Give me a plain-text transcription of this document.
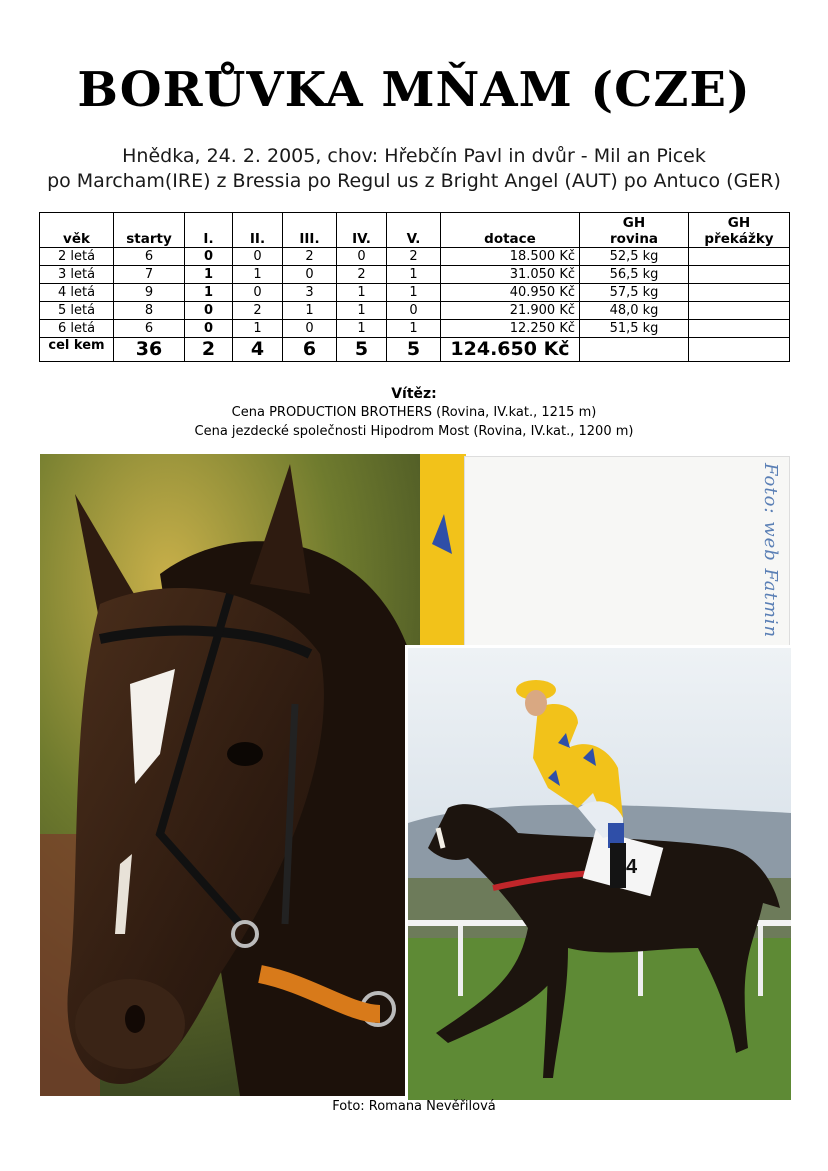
BORŮVKA MŇAM (CZE)
Hnědka, 24. 2. 2005, chov: Hřebčín Pavl in dvůr - Mil an Picek
po Marcham(IRE) z Bressia po Regul us z Bright Angel (AUT) po Antuco (GER)
věk	starty	I.	II.	III.	IV.	V.	dotace	GH rovina	GH překážky
2 letá	6	0	0	2	0	2	18.500 Kč	52,5 kg	
3 letá	7	1	1	0	2	1	31.050 Kč	56,5 kg	
4 letá	9	1	0	3	1	1	40.950 Kč	57,5 kg	
5 letá	8	0	2	1	1	0	21.900 Kč	48,0 kg	
6 letá	6	0	1	0	1	1	12.250 Kč	51,5 kg	
cel kem	36	2	4	6	5	5	124.650 Kč		
Vítěz:
Cena PRODUCTION BROTHERS (Rovina, IV.kat., 1215 m)
Cena jezdecké společnosti Hipodrom Most (Rovina, IV.kat., 1200 m)
Foto: web Fatmin
4
Foto: Romana Nevěřilová
